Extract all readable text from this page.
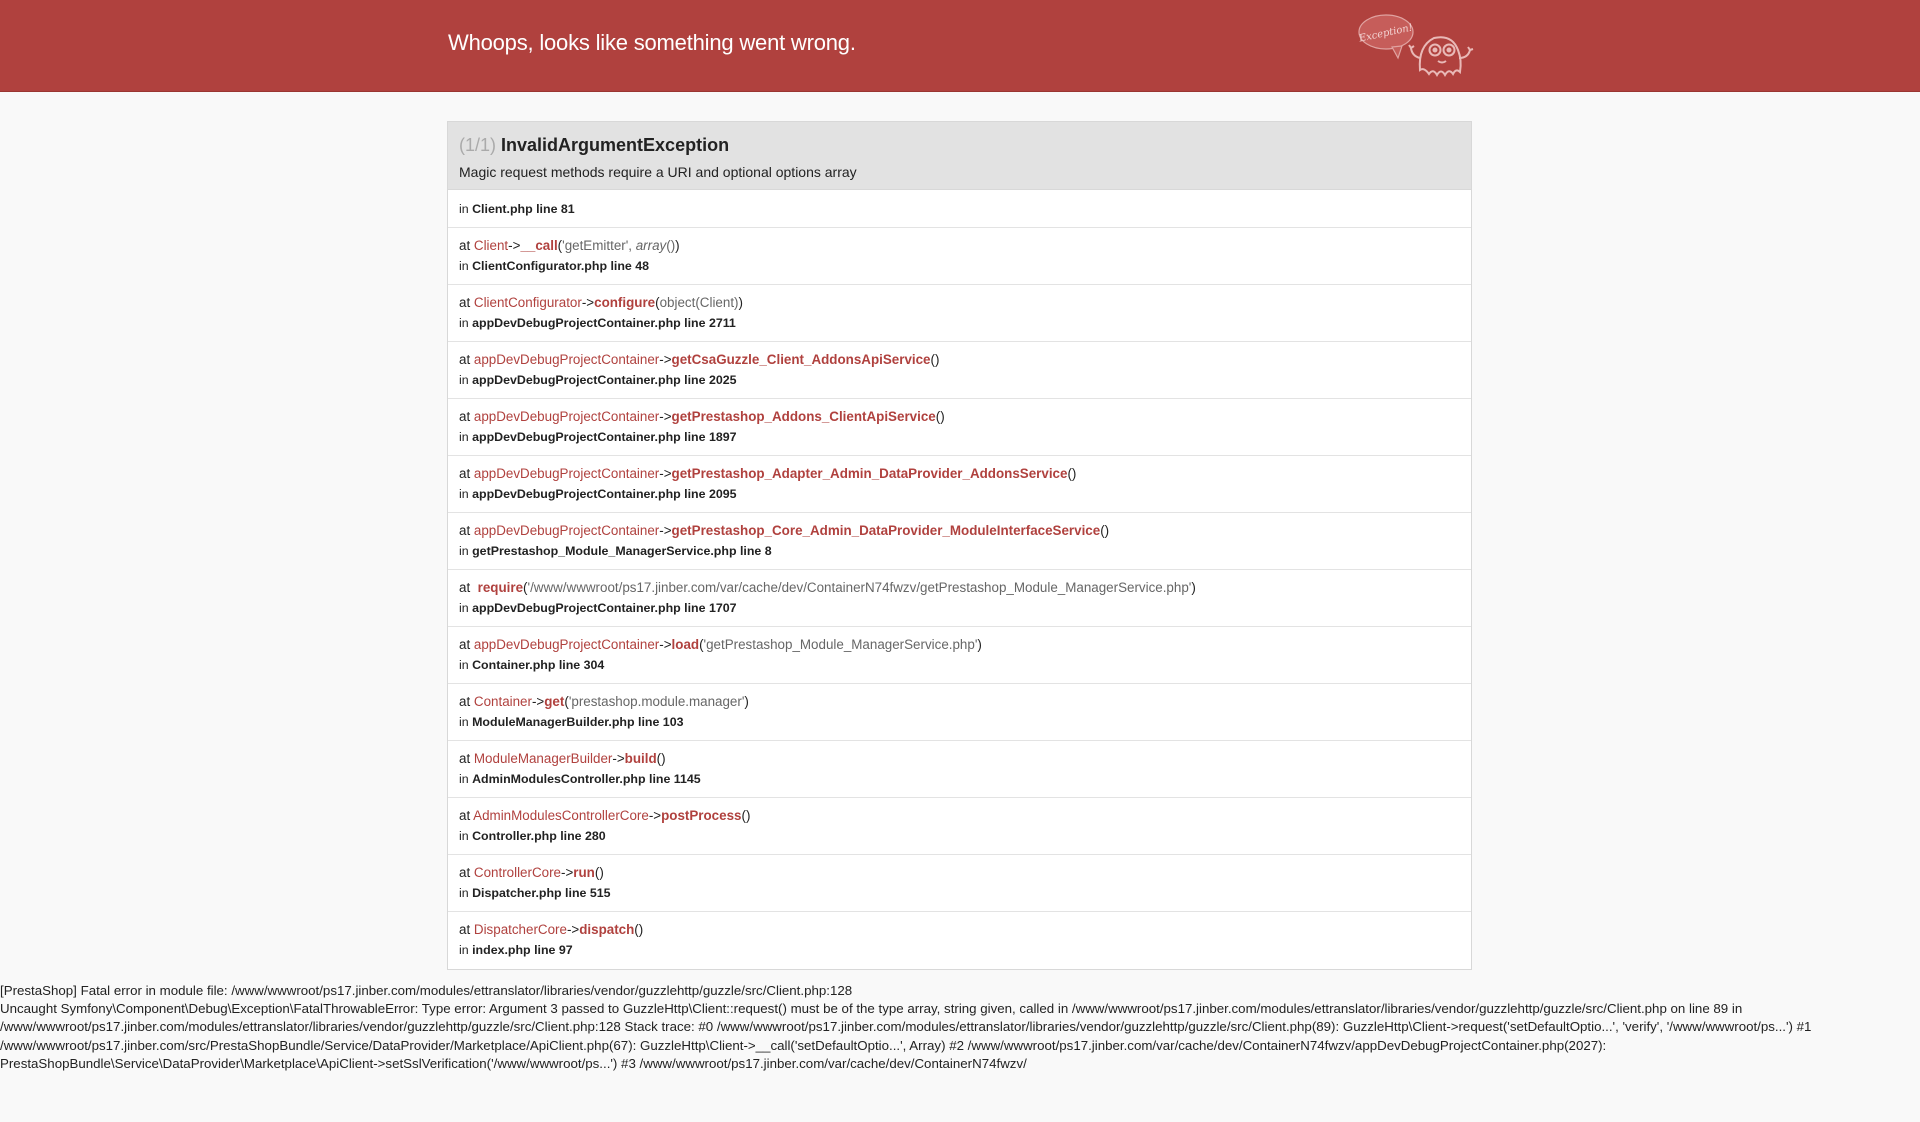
Whoops, looks like something went wrong.	Exception!
(1/1) InvalidArgumentException
Magic request methods require a URI and optional options array
in Client.php line 81
at Client->__call('getEmitter', array())
in ClientConfigurator.php line 48
at ClientConfigurator->configure(object(Client))
in appDevDebugProjectContainer.php line 2711
at appDevDebugProjectContainer->getCsaGuzzle_Client_AddonsApiService()
in appDevDebugProjectContainer.php line 2025
at appDevDebugProjectContainer->getPrestashop_Addons_ClientApiService()
in appDevDebugProjectContainer.php line 1897
at appDevDebugProjectContainer->getPrestashop_Adapter_Admin_DataProvider_AddonsService()
in appDevDebugProjectContainer.php line 2095
at appDevDebugProjectContainer->getPrestashop_Core_Admin_DataProvider_ModuleInterfaceService()
in getPrestashop_Module_ManagerService.php line 8
at require('/www/wwwroot/ps17.jinber.com/var/cache/dev/ContainerN74fwzv/getPrestashop_Module_ManagerService.php')
in appDevDebugProjectContainer.php line 1707
at appDevDebugProjectContainer->load('getPrestashop_Module_ManagerService.php')
in Container.php line 304
at Container->get('prestashop.module.manager')
in ModuleManagerBuilder.php line 103
at ModuleManagerBuilder->build()
in AdminModulesController.php line 1145
at AdminModulesControllerCore->postProcess()
in Controller.php line 280
at ControllerCore->run()
in Dispatcher.php line 515
at DispatcherCore->dispatch()
in index.php line 97

[PrestaShop] Fatal error in module file: /www/wwwroot/ps17.jinber.com/modules/ettranslator/libraries/vendor/guzzlehttp/guzzle/src/Client.php:128

Uncaught Symfony\Component\Debug\Exception\FatalThrowableError: Type error: Argument 3 passed to GuzzleHttp\Client::request() must be of the type array, string given, called in /www/wwwroot/ps17.jinber.com/modules/ettranslator/libraries/vendor/guzzlehttp/guzzle/src/Client.php on line 89 in /www/wwwroot/ps17.jinber.com/modules/ettranslator/libraries/vendor/guzzlehttp/guzzle/src/Client.php:128 Stack trace: #0 /www/wwwroot/ps17.jinber.com/modules/ettranslator/libraries/vendor/guzzlehttp/guzzle/src/Client.php(89): GuzzleHttp\Client->request('setDefaultOptio...', 'verify', '/www/wwwroot/ps...') #1 /www/wwwroot/ps17.jinber.com/src/PrestaShopBundle/Service/DataProvider/Marketplace/ApiClient.php(67): GuzzleHttp\Client->__call('setDefaultOptio...', Array) #2 /www/wwwroot/ps17.jinber.com/var/cache/dev/ContainerN74fwzv/appDevDebugProjectContainer.php(2027): PrestaShopBundle\Service\DataProvider\Marketplace\ApiClient->setSslVerification('/www/wwwroot/ps...') #3 /www/wwwroot/ps17.jinber.com/var/cache/dev/ContainerN74fwzv/
